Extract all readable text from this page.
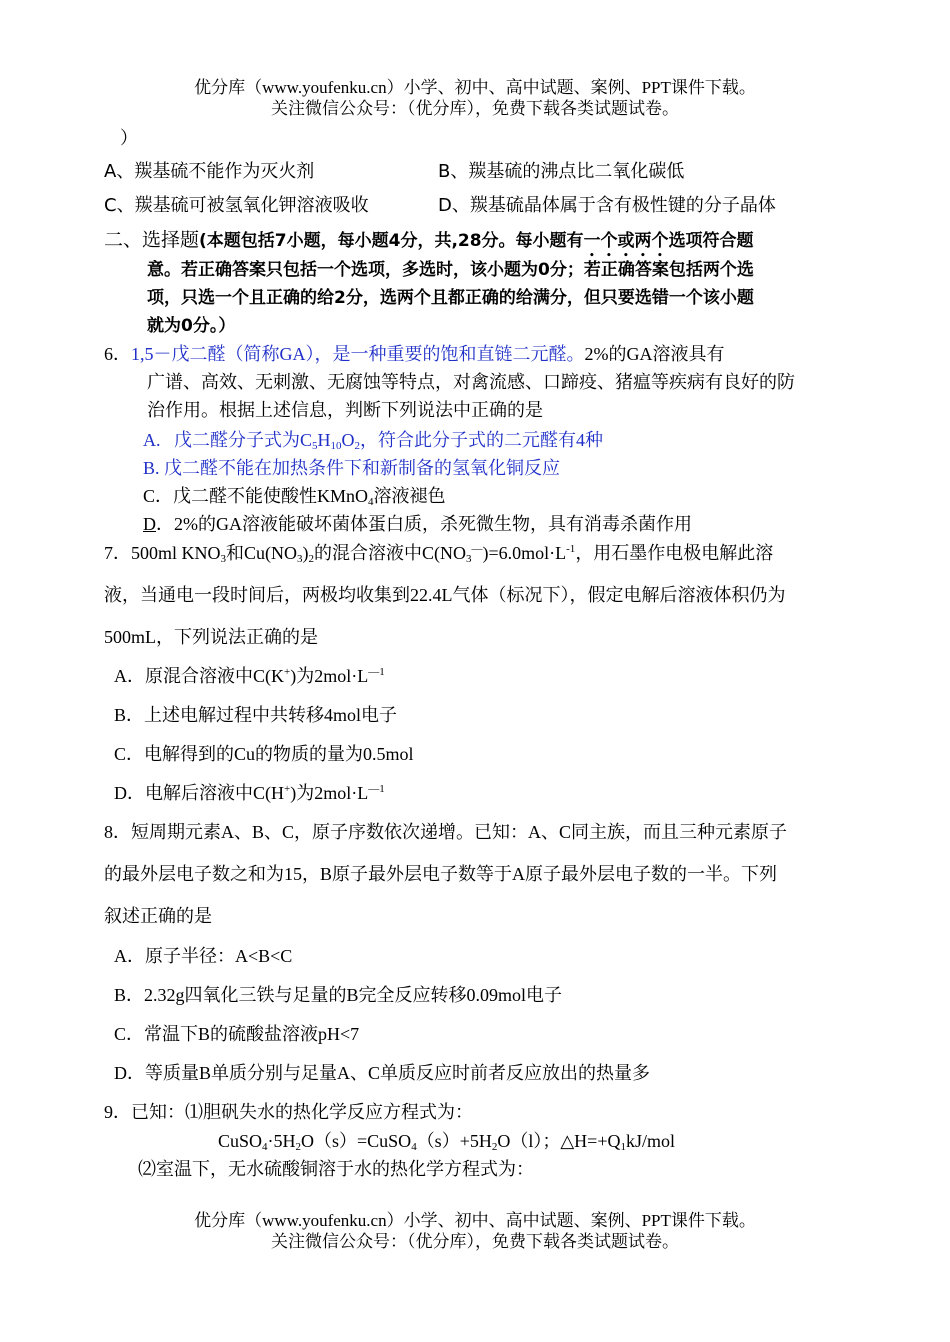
优分库（www.youfenku.cn）小学、初中、高中试题、案例、PPT课件下载。
关注微信公众号：（优分库），免费下载各类试题试卷。
）
A、羰基硫不能作为灭火剂	B、羰基硫的沸点比二氧化碳低
C、羰基硫可被氢氧化钾溶液吸收	D、羰基硫晶体属于含有极性键的分子晶体
二、选择题(本题包括7小题，每小题4分，共,28分。每小题有一个或两个选项符合题
意。若正确答案只包括一个选项，多选时，该小题为0分；若正确答案包括两个选
项，只选一个且正确的给2分，选两个且都正确的给满分，但只要选错一个该小题
就为0分。）
6．1,5－戊二醛（简称GA），是一种重要的饱和直链二元醛。2%的GA溶液具有
广谱、高效、无刺激、无腐蚀等特点，对禽流感、口蹄疫、猪瘟等疾病有良好的防
治作用。根据上述信息，判断下列说法中正确的是
A. 戊二醛分子式为$C_5H_{10}O_2$，符合此分子式的二元醛有4种
B. 戊二醛不能在加热条件下和新制备的氢氧化铜反应
C．戊二醛不能使酸性KMnO$_4$溶液褪色
D．2%的GA溶液能破坏菌体蛋白质，杀死微生物，具有消毒杀菌作用
7．500ml $KNO_3$和$Cu(NO_3)_2$的混合溶液中$C(NO_3^—)=6.0mol\cdot L^{-1}$，用石墨作电极电解此溶
液，当通电一段时间后，两极均收集到22.4L气体（标况下），假定电解后溶液体积仍为
500mL，下列说法正确的是
A．原混合溶液中C(K+)为$2mol\cdot L^{—1}$
B．上述电解过程中共转移4mol电子
C．电解得到的Cu的物质的量为0.5mol
D．电解后溶液中C(H+)为$2mol\cdot L^{—1}$
8．短周期元素A、B、C，原子序数依次递增。已知：A、C同主族，而且三种元素原子
的最外层电子数之和为15，B原子最外层电子数等于A原子最外层电子数的一半。下列
叙述正确的是
A．原子半径：A<B<C
B．2.32g四氧化三铁与足量的B完全反应转移0.09mol电子
C．常温下B的硫酸盐溶液pH<7
D．等质量B单质分别与足量A、C单质反应时前者反应放出的热量多
9．已知：⑴胆矾失水的热化学反应方程式为：
$CuSO_4\cdot 5H_2O(s)=CuSO_4(s)+5H_2O(l)$；$\triangle H=+Q_1kJ$/mol
⑵室温下，无水硫酸铜溶于水的热化学方程式为：
优分库（www.youfenku.cn）小学、初中、高中试题、案例、PPT课件下载。
关注微信公众号：（优分库），免费下载各类试题试卷。
